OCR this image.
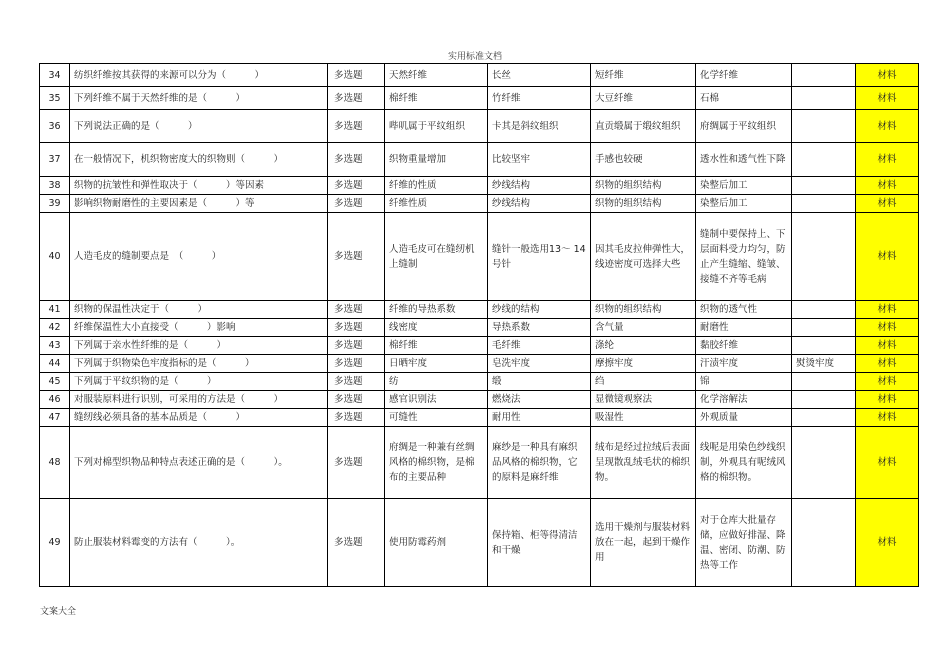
实用标准文档
34	纺织纤维按其获得的来源可以分为（　　　）	多选题	天然纤维	长丝	短纤维	化学纤维		材料
35	下列纤维不属于天然纤维的是（　　　）	多选题	棉纤维	竹纤维	大豆纤维	石棉		材料
36	下列说法正确的是（　　　）	多选题	哔叽属于平纹组织	卡其是斜纹组织	直贡缎属于缎纹组织	府绸属于平纹组织		材料
37	在一般情况下，机织物密度大的织物则（　　　）	多选题	织物重量增加	比较坚牢	手感也较硬	透水性和透气性下降		材料
38	织物的抗皱性和弹性取决于（　　　）等因素	多选题	纤维的性质	纱线结构	织物的组织结构	染整后加工		材料
39	影响织物耐磨性的主要因素是（　　　）等	多选题	纤维性质	纱线结构	织物的组织结构	染整后加工		材料
40	人造毛皮的缝制要点是　（　　　）	多选题	人造毛皮可在缝纫机上缝制	缝针一般选用13～ 14 号针	因其毛皮拉伸弹性大，线迹密度可选择大些	缝制中要保持上、下层面料受力均匀，防止产生缝缩、缝皱、接缝不齐等毛病		材料
41	织物的保温性决定于（　　　）	多选题	纤维的导热系数	纱线的结构	织物的组织结构	织物的透气性		材料
42	纤维保温性大小直接受（　　　）影响	多选题	线密度	导热系数	含气量	耐磨性		材料
43	下列属于亲水性纤维的是（　　　）	多选题	棉纤维	毛纤维	涤纶	黏胶纤维		材料
44	下列属于织物染色牢度指标的是（　　　）	多选题	日晒牢度	皂洗牢度	摩擦牢度	汗渍牢度	熨烫牢度	材料
45	下列属于平纹织物的是（　　　）	多选题	纺	缎	绉	锦		材料
46	对服装原料进行识别，可采用的方法是（　　　）	多选题	感官识别法	燃烧法	显微镜观察法	化学溶解法		材料
47	缝纫线必须具备的基本品质是（　　　）	多选题	可缝性	耐用性	吸湿性	外观质量		材料
48	下列对棉型织物品种特点表述正确的是（　　　）。	多选题	府绸是一种兼有丝绸风格的棉织物，是棉布的主要品种	麻纱是一种具有麻织品风格的棉织物，它的原料是麻纤维	绒布是经过拉绒后表面呈现散乱绒毛状的棉织物。	线呢是用染色纱线织制，外观具有呢绒风格的棉织物。		材料
49	防止服装材料霉变的方法有（　　　）。	多选题	使用防霉药剂	保持箱、柜等得清洁和干燥	选用干燥剂与服装材料放在一起，起到干燥作用	对于仓库大批量存储，应做好排湿、降温、密闭、防潮、防热等工作		材料
文案大全
